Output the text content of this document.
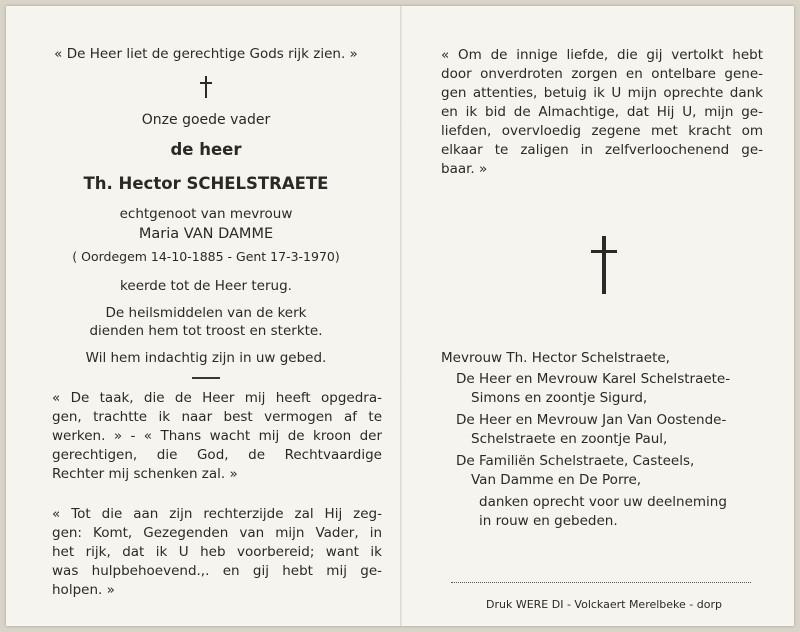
« De Heer liet de gerechtige Gods rijk zien. »
Onze goede vader
de heer
Th. Hector SCHELSTRAETE
echtgenoot van mevrouw
Maria VAN DAMME
( Oordegem 14-10-1885 - Gent 17-3-1970)
keerde tot de Heer terug.
De heilsmiddelen van de kerk
dienden hem tot troost en sterkte.
Wil hem indachtig zijn in uw gebed.
« De taak, die de Heer mij heeft opgedra-
gen, trachtte ik naar best vermogen af te
werken. » - « Thans wacht mij de kroon der
gerechtigen, die God, de Rechtvaardige
Rechter mij schenken zal. »
« Tot die aan zijn rechterzijde zal Hij zeg-
gen: Komt, Gezegenden van mijn Vader, in
het rijk, dat ik U heb voorbereid; want ik
was hulpbehoevend.,. en gij hebt mij ge-
holpen. »
« Om de innige liefde, die gij vertolkt hebt
door onverdroten zorgen en ontelbare gene-
gen attenties, betuig ik U mijn oprechte dank
en ik bid de Almachtige, dat Hij U, mijn ge-
liefden, overvloedig zegene met kracht om
elkaar te zaligen in zelfverloochenend ge-
baar. »
Mevrouw Th. Hector Schelstraete,
De Heer en Mevrouw Karel Schelstraete-
Simons en zoontje Sigurd,
De Heer en Mevrouw Jan Van Oostende-
Schelstraete en zoontje Paul,
De Familiën Schelstraete, Casteels,
Van Damme en De Porre,
danken oprecht voor uw deelneming
in rouw en gebeden.
Druk WERE DI - Volckaert Merelbeke - dorp
